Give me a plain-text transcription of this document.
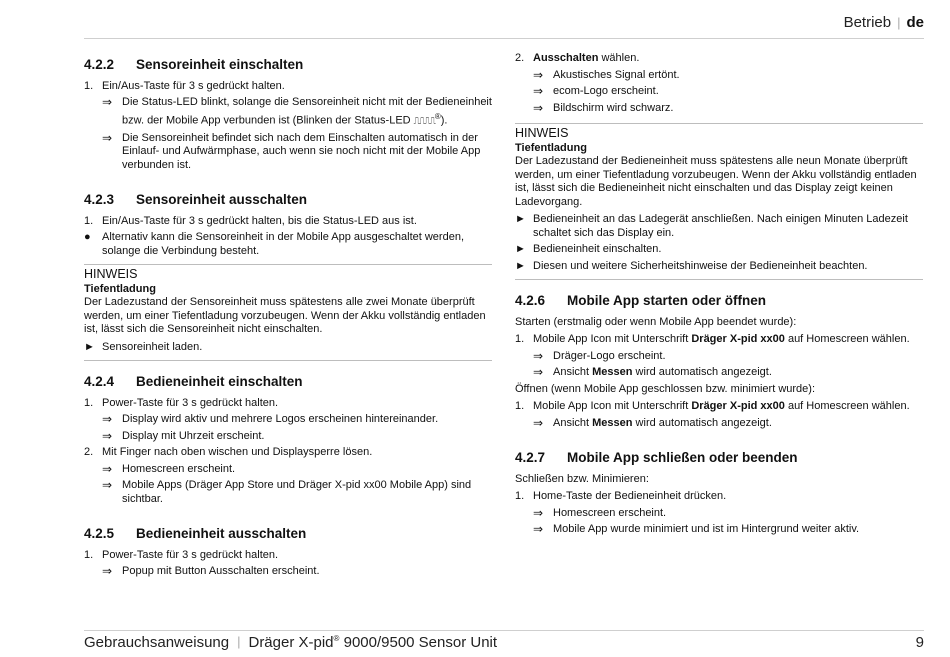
Betrieb | de
4.2.2	Sensoreinheit einschalten
1. Ein/Aus-Taste für 3 s gedrückt halten.
⇒ Die Status-LED blinkt, solange die Sensoreinheit nicht mit der Bedieneinheit bzw. der Mobile App verbunden ist (Blinken der Status-LED ⎍⎍⎍⎍®).
⇒ Die Sensoreinheit befindet sich nach dem Einschalten automatisch in der Einlauf- und Aufwärmphase, auch wenn sie noch nicht mit der Mobile App verbunden ist.
4.2.3	Sensoreinheit ausschalten
1. Ein/Aus-Taste für 3 s gedrückt halten, bis die Status-LED aus ist.
●	Alternativ kann die Sensoreinheit in der Mobile App ausgeschaltet werden, solange die Verbindung besteht.
HINWEIS
Tiefentladung
Der Ladezustand der Sensoreinheit muss spätestens alle zwei Monate überprüft werden, um einer Tiefentladung vorzubeugen. Wenn der Akku vollständig entladen ist, lässt sich die Sensoreinheit nicht einschalten.
► Sensoreinheit laden.
4.2.4	Bedieneinheit einschalten
1. Power-Taste für 3 s gedrückt halten.
⇒ Display wird aktiv und mehrere Logos erscheinen hintereinander.
⇒ Display mit Uhrzeit erscheint.
2. Mit Finger nach oben wischen und Displaysperre lösen.
⇒ Homescreen erscheint.
⇒ Mobile Apps (Dräger App Store und Dräger X-pid xx00 Mobile App) sind sichtbar.
4.2.5	Bedieneinheit ausschalten
1. Power-Taste für 3 s gedrückt halten.
⇒ Popup mit Button Ausschalten erscheint.
2. Ausschalten wählen.
⇒ Akustisches Signal ertönt.
⇒ ecom-Logo erscheint.
⇒ Bildschirm wird schwarz.
HINWEIS
Tiefentladung
Der Ladezustand der Bedieneinheit muss spätestens alle neun Monate überprüft werden, um einer Tiefentladung vorzubeugen. Wenn der Akku vollständig entladen ist, lässt sich die Bedieneinheit nicht einschalten und das Display zeigt keinen Ladevorgang.
► Bedieneinheit an das Ladegerät anschließen. Nach einigen Minuten Ladezeit schaltet sich das Display ein.
► Bedieneinheit einschalten.
► Diesen und weitere Sicherheitshinweise der Bedieneinheit beachten.
4.2.6	Mobile App starten oder öffnen
Starten (erstmalig oder wenn Mobile App beendet wurde):
1. Mobile App Icon mit Unterschrift Dräger X-pid xx00 auf Homescreen wählen.
⇒ Dräger-Logo erscheint.
⇒ Ansicht Messen wird automatisch angezeigt.
Öffnen (wenn Mobile App geschlossen bzw. minimiert wurde):
1. Mobile App Icon mit Unterschrift Dräger X-pid xx00 auf Homescreen wählen.
⇒ Ansicht Messen wird automatisch angezeigt.
4.2.7	Mobile App schließen oder beenden
Schließen bzw. Minimieren:
1. Home-Taste der Bedieneinheit drücken.
⇒ Homescreen erscheint.
⇒ Mobile App wurde minimiert und ist im Hintergrund weiter aktiv.
Gebrauchsanweisung | Dräger X-pid® 9000/9500 Sensor Unit	9
